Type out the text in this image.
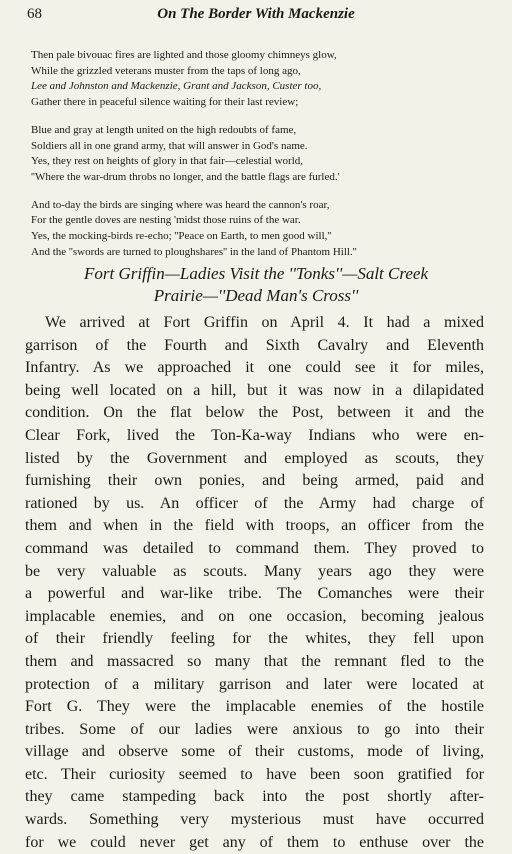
68	On The Border With Mackenzie
Then pale bivouac fires are lighted and those gloomy chimneys glow,
While the grizzled veterans muster from the taps of long ago,
Lee and Johnston and Mackenzie, Grant and Jackson, Custer too,
Gather there in peaceful silence waiting for their last review;
Blue and gray at length united on the high redoubts of fame,
Soldiers all in one grand army, that will answer in God's name.
Yes, they rest on heights of glory in that fair—celestial world,
''Where the war-drum throbs no longer, and the battle flags are furled.'
And to-day the birds are singing where was heard the cannon's roar,
For the gentle doves are nesting 'midst those ruins of the war.
Yes, the mocking-birds re-echo; ''Peace on Earth, to men good will,''
And the ''swords are turned to ploughshares'' in the land of Phantom Hill.''
Fort Griffin—Ladies Visit the ''Tonks''—Salt Creek
Prairie—''Dead Man's Cross''
We arrived at Fort Griffin on April 4. It had a mixed
garrison of the Fourth and Sixth Cavalry and Eleventh
Infantry. As we approached it one could see it for miles,
being well located on a hill, but it was now in a dilapidated
condition. On the flat below the Post, between it and the
Clear Fork, lived the Ton-Ka-way Indians who were en-
listed by the Government and employed as scouts, they
furnishing their own ponies, and being armed, paid and
rationed by us. An officer of the Army had charge of
them and when in the field with troops, an officer from the
command was detailed to command them. They proved to
be very valuable as scouts. Many years ago they were
a powerful and war-like tribe. The Comanches were their
implacable enemies, and on one occasion, becoming jealous
of their friendly feeling for the whites, they fell upon
them and massacred so many that the remnant fled to the
protection of a military garrison and later were located at
Fort G. They were the implacable enemies of the hostile
tribes. Some of our ladies were anxious to go into their
village and observe some of their customs, mode of living,
etc. Their curiosity seemed to have been soon gratified for
they came stampeding back into the post shortly after-
wards. Something very mysterious must have occurred
for we could never get any of them to enthuse over the
